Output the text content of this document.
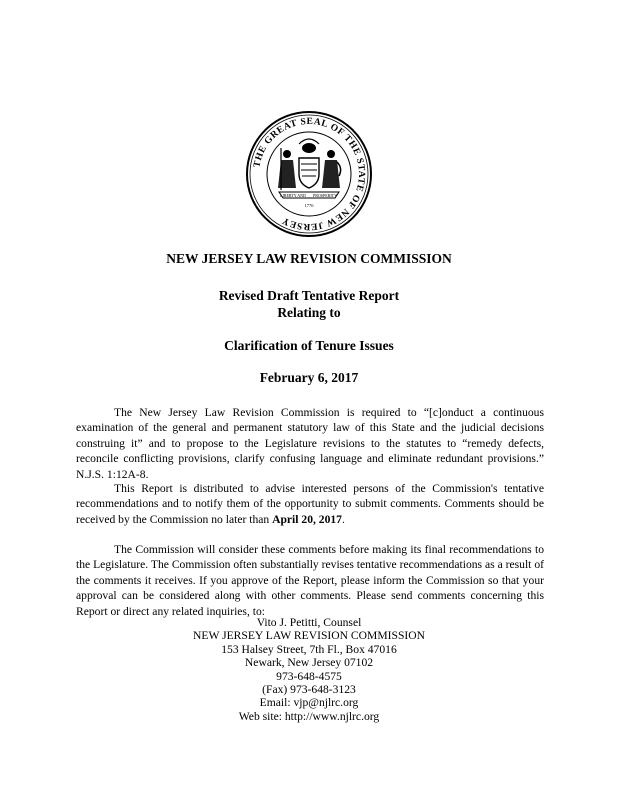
THE GREAT SEAL OF THE STATE OF NEW JERSEY
LIBERTY AND PROSPERITY
1776
NEW JERSEY LAW REVISION COMMISSION
Revised Draft Tentative Report
Relating to
Clarification of Tenure Issues
February 6, 2017

The New Jersey Law Revision Commission is required to “[c]onduct a continuous examination of the general and permanent statutory law of this State and the judicial decisions construing it” and to propose to the Legislature revisions to the statutes to “remedy defects, reconcile conflicting provisions, clarify confusing language and eliminate redundant provisions.” N.J.S. 1:12A-8.

This Report is distributed to advise interested persons of the Commission's tentative recommendations and to notify them of the opportunity to submit comments. Comments should be received by the Commission no later than April 20, 2017.

The Commission will consider these comments before making its final recommendations to the Legislature. The Commission often substantially revises tentative recommendations as a result of the comments it receives. If you approve of the Report, please inform the Commission so that your approval can be considered along with other comments. Please send comments concerning this Report or direct any related inquiries, to:

Vito J. Petitti, Counsel
NEW JERSEY LAW REVISION COMMISSION
153 Halsey Street, 7th Fl., Box 47016
Newark, New Jersey 07102
973-648-4575
(Fax) 973-648-3123
Email: vjp@njlrc.org
Web site: http://www.njlrc.org
